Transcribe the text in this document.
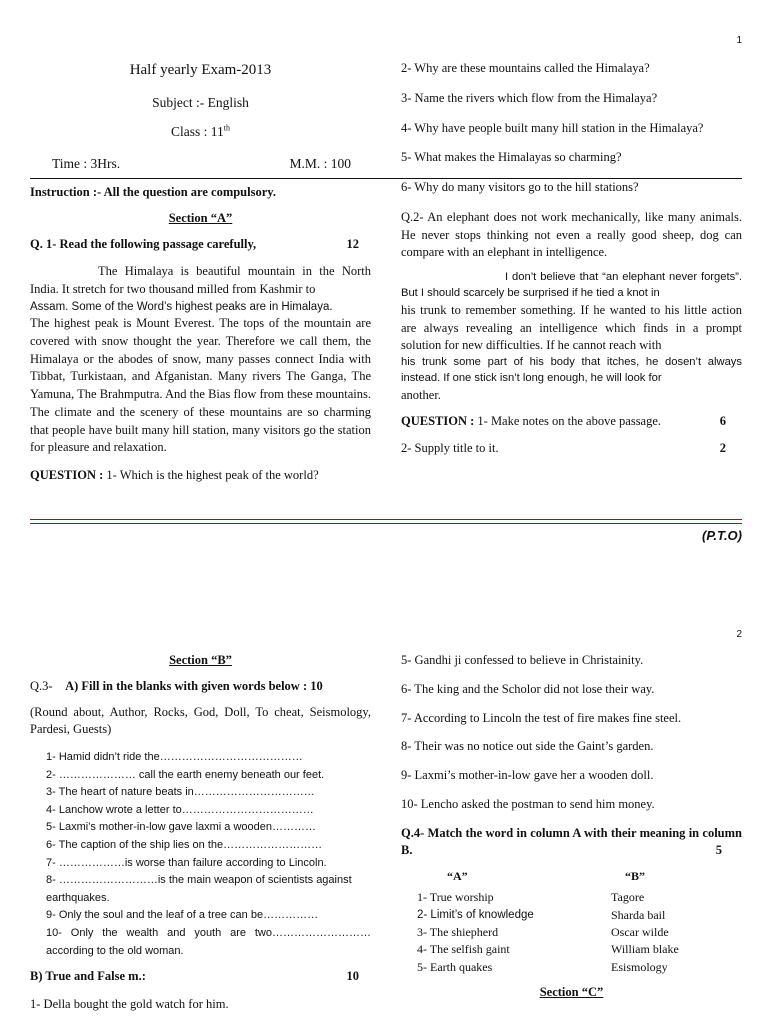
1
Half yearly Exam-2013
Subject :- English
Class : 11th
Time : 3Hrs.	M.M. : 100

Instruction :- All the question are compulsory.

Section “A”
Q. 1- Read the following passage carefully,	12

The Himalaya is beautiful mountain in the North India. It stretch for two thousand milled from Kashmir to

Assam. Some of the Word’s highest peaks are in Himalaya.

The highest peak is Mount Everest. The tops of the mountain are covered with snow thought the year. Therefore we call them, the Himalaya or the abodes of snow, many passes connect India with Tibbat, Turkistaan, and Afganistan. Many rivers The Ganga, The Yamuna, The Brahmputra. And the Bias flow from these mountains. The climate and the scenery of these mountains are so charming that people have built many hill station, many visitors go the station for pleasure and relaxation.

QUESTION : 1- Which is the highest peak of the world?

2- Why are these mountains called the Himalaya?
3- Name the rivers which flow from the Himalaya?
4- Why have people built many hill station in the Himalaya?
5- What makes the Himalayas so charming?
6- Why do many visitors go to the hill stations?

Q.2- An elephant does not work mechanically, like many animals. He never stops thinking not even a really good sheep, dog can compare with an elephant in intelligence.

I don’t believe that “an elephant never forgets”. But I should scarcely be surprised if he tied a knot in

his trunk to remember something. If he wanted to his little action are always revealing an intelligence which finds in a prompt solution for new difficulties. If he cannot reach with

his trunk some part of his body that itches, he dosen’t always instead. If one stick isn’t long enough, he will look for

another.

QUESTION : 1- Make notes on the above passage.	6
2- Supply title to it.	2
(P.T.O)
2
Section “B”

Q.3- A) Fill in the blanks with given words below : 10

(Round about, Author, Rocks, God, Doll, To cheat, Seismology, Pardesi, Guests)

1- Hamid didn’t ride the…………………………………
2- ………………… call the earth enemy beneath our feet.
3- The heart of nature beats in……………………………
4- Lanchow wrote a letter to………………………………
5- Laxmi’s mother-in-low gave laxmi a wooden…………
6- The caption of the ship lies on the………………………
7- ………………is worse than failure according to Lincoln.
8- ………………………is the main weapon of scientists against earthquakes.
9- Only the soul and the leaf of a tree can be……………
10- Only the wealth and youth are two……………………… according to the old woman.
B) True and False m.:	10
1- Della bought the gold watch for him.
5- Gandhi ji confessed to believe in Christainity.
6- The king and the Scholor did not lose their way.
7- According to Lincoln the test of fire makes fine steel.
8- Their was no notice out side the Gaint’s garden.
9- Laxmi’s mother-in-low gave her a wooden doll.
10- Lencho asked the postman to send him money.

Q.4- Match the word in column A with their meaning in column B.	5
“A”	“B”
1- True worship	Tagore
2- Limit’s of knowledge	Sharda bail
3- The shiepherd	Oscar wilde
4- The selfish gaint	William blake
5- Earth quakes	Esismology
Section “C”
